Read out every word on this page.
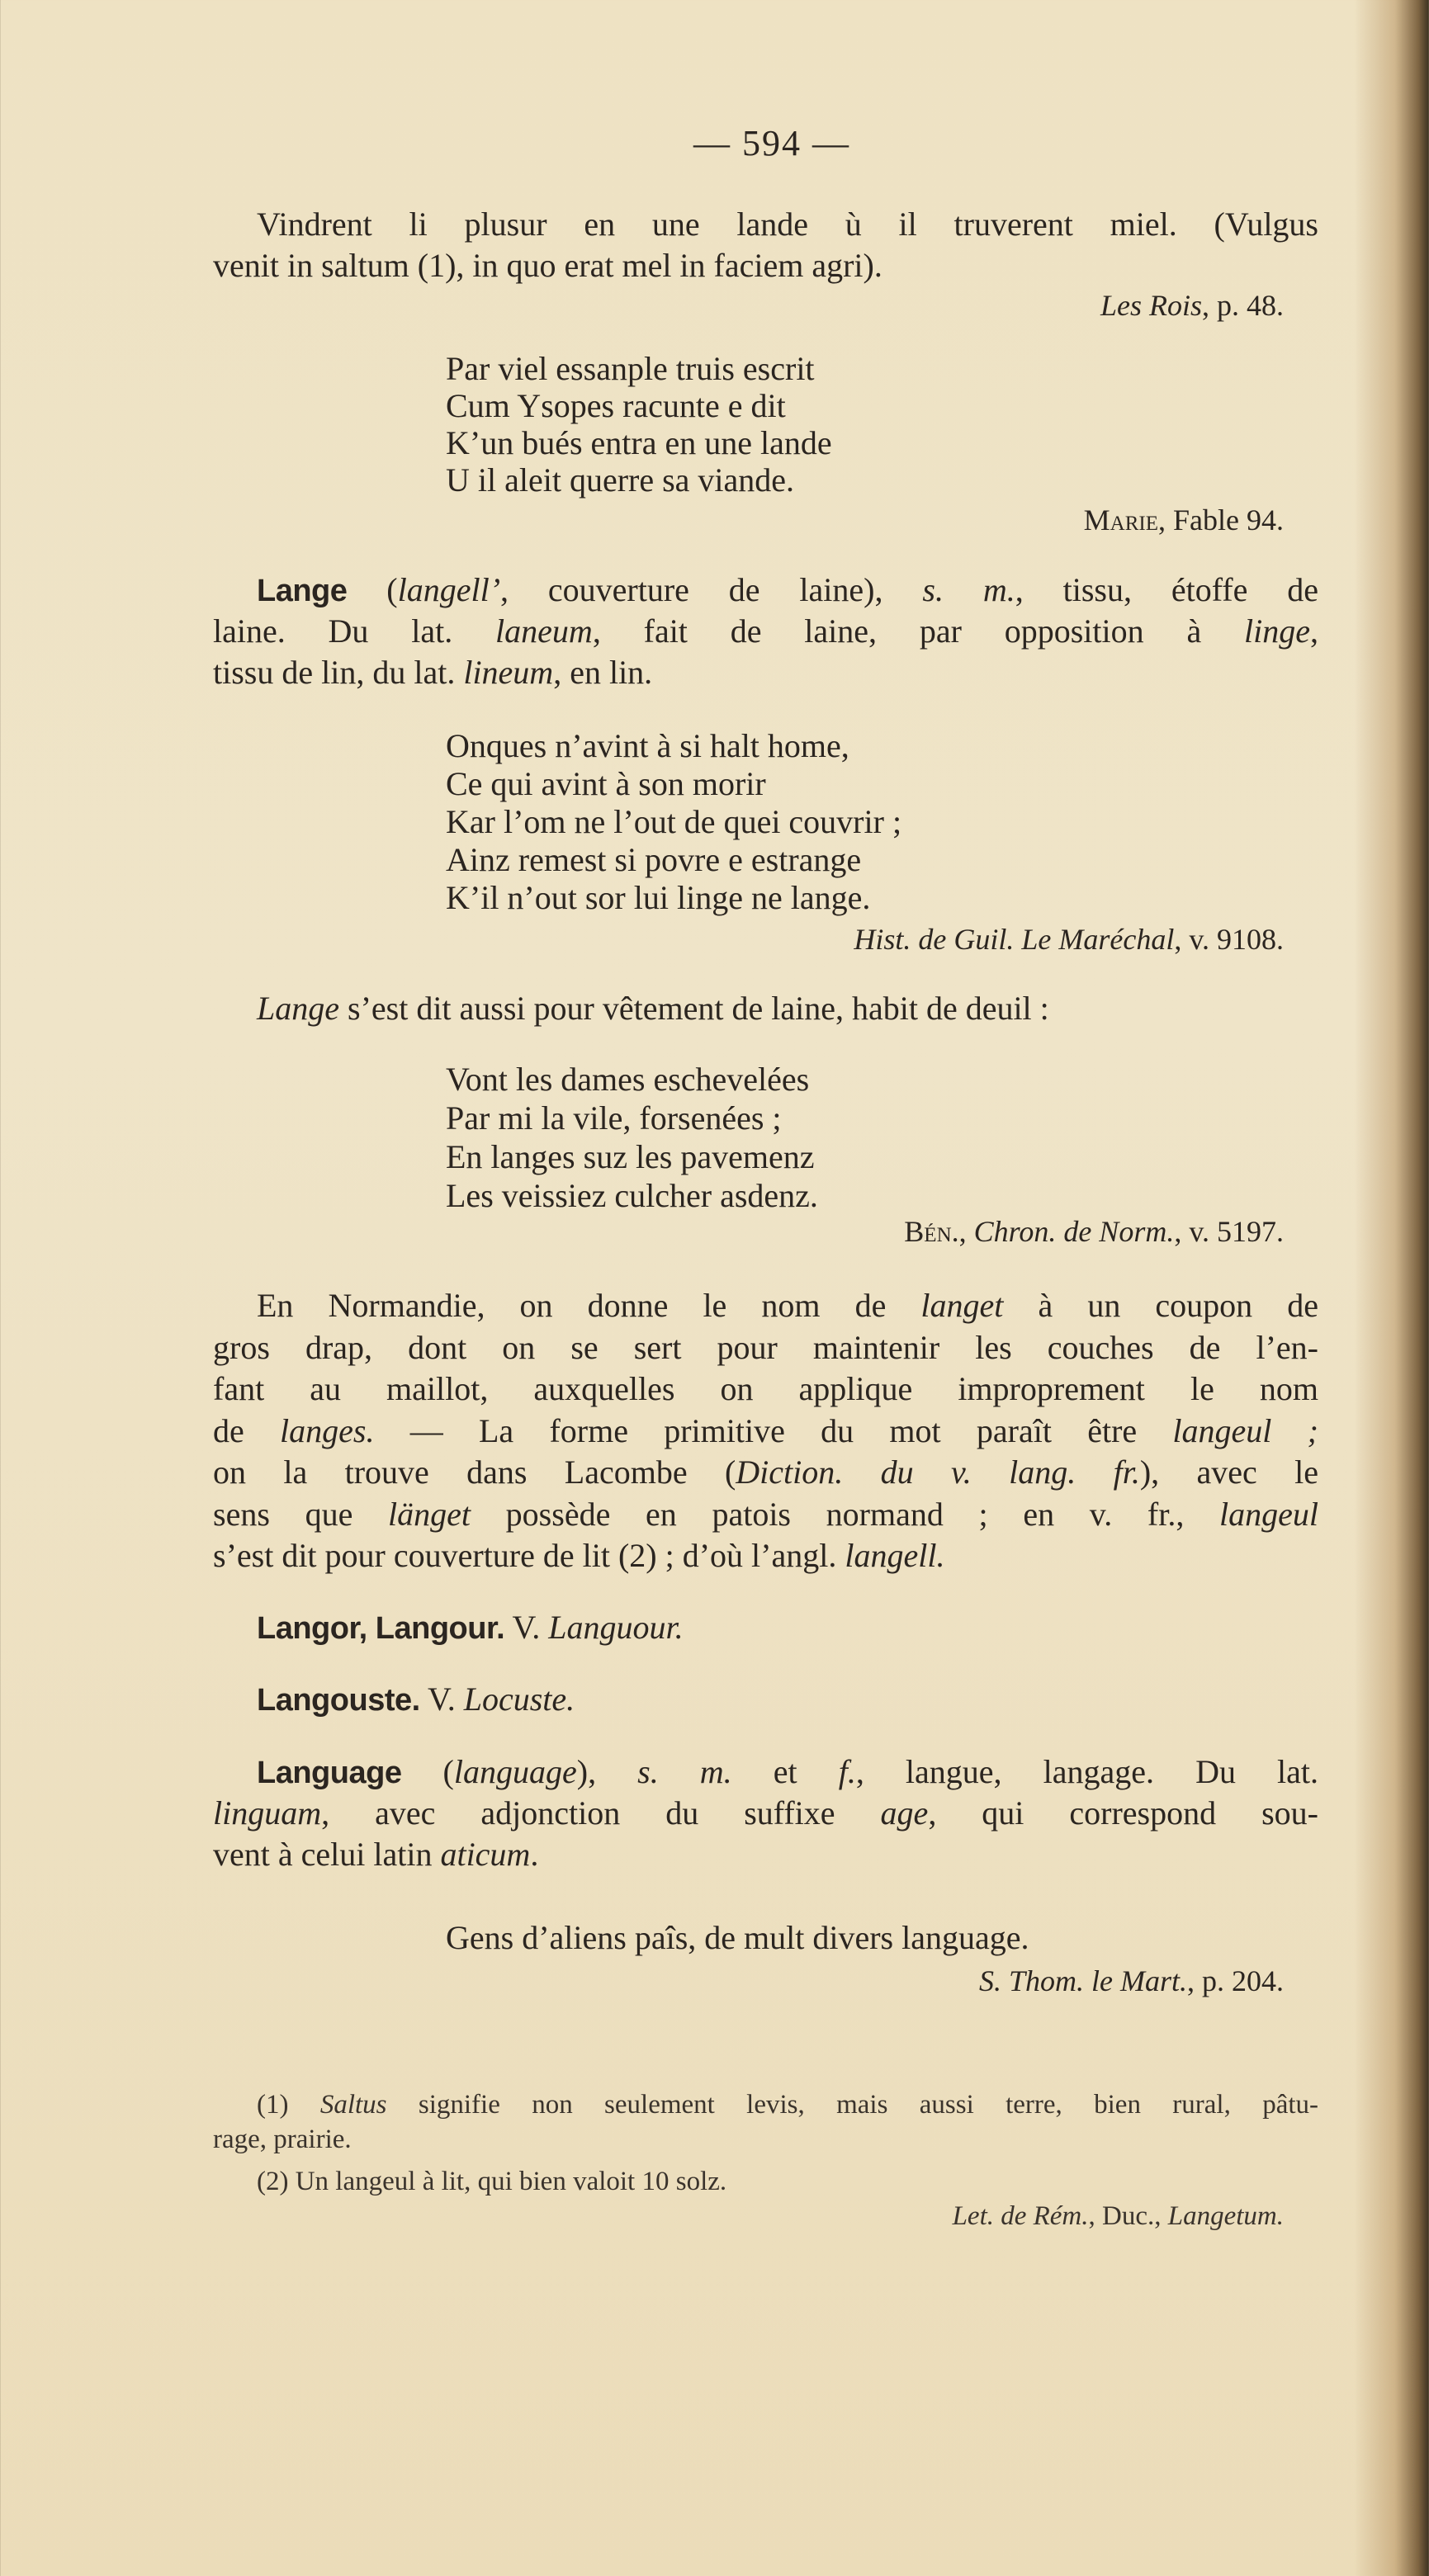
— 594 —
Vindrent li plusur en une lande ù il truverent miel. (Vulgus
venit in saltum (1), in quo erat mel in faciem agri).
Les Rois, p. 48.
Par viel essanple truis escrit
Cum Ysopes racunte e dit
K’un bués entra en une lande
U il aleit querre sa viande.
Marie, Fable 94.
Lange (langell’, couverture de laine), s. m., tissu, étoffe de
laine. Du lat. laneum, fait de laine, par opposition à linge,
tissu de lin, du lat. lineum, en lin.
Onques n’avint à si halt home,
Ce qui avint à son morir
Kar l’om ne l’out de quei couvrir ;
Ainz remest si povre e estrange
K’il n’out sor lui linge ne lange.
Hist. de Guil. Le Maréchal, v. 9108.
Lange s’est dit aussi pour vêtement de laine, habit de deuil :
Vont les dames eschevelées
Par mi la vile, forsenées ;
En langes suz les pavemenz
Les veissiez culcher asdenz.
Bén., Chron. de Norm., v. 5197.
En Normandie, on donne le nom de langet à un coupon de
gros drap, dont on se sert pour maintenir les couches de l’en-
fant au maillot, auxquelles on applique improprement le nom
de langes. — La forme primitive du mot paraît être langeul ;
on la trouve dans Lacombe (Diction. du v. lang. fr.), avec le
sens que länget possède en patois normand ; en v. fr., langeul
s’est dit pour couverture de lit (2) ; d’où l’angl. langell.
Langor, Langour. V. Languour.
Langouste. V. Locuste.
Language (language), s. m. et f., langue, langage. Du lat.
linguam, avec adjonction du suffixe age, qui correspond sou-
vent à celui latin aticum.
Gens d’aliens paîs, de mult divers language.
S. Thom. le Mart., p. 204.
(1) Saltus signifie non seulement levis, mais aussi terre, bien rural, pâtu-
rage, prairie.
(2) Un langeul à lit, qui bien valoit 10 solz.
Let. de Rém., Duc., Langetum.
